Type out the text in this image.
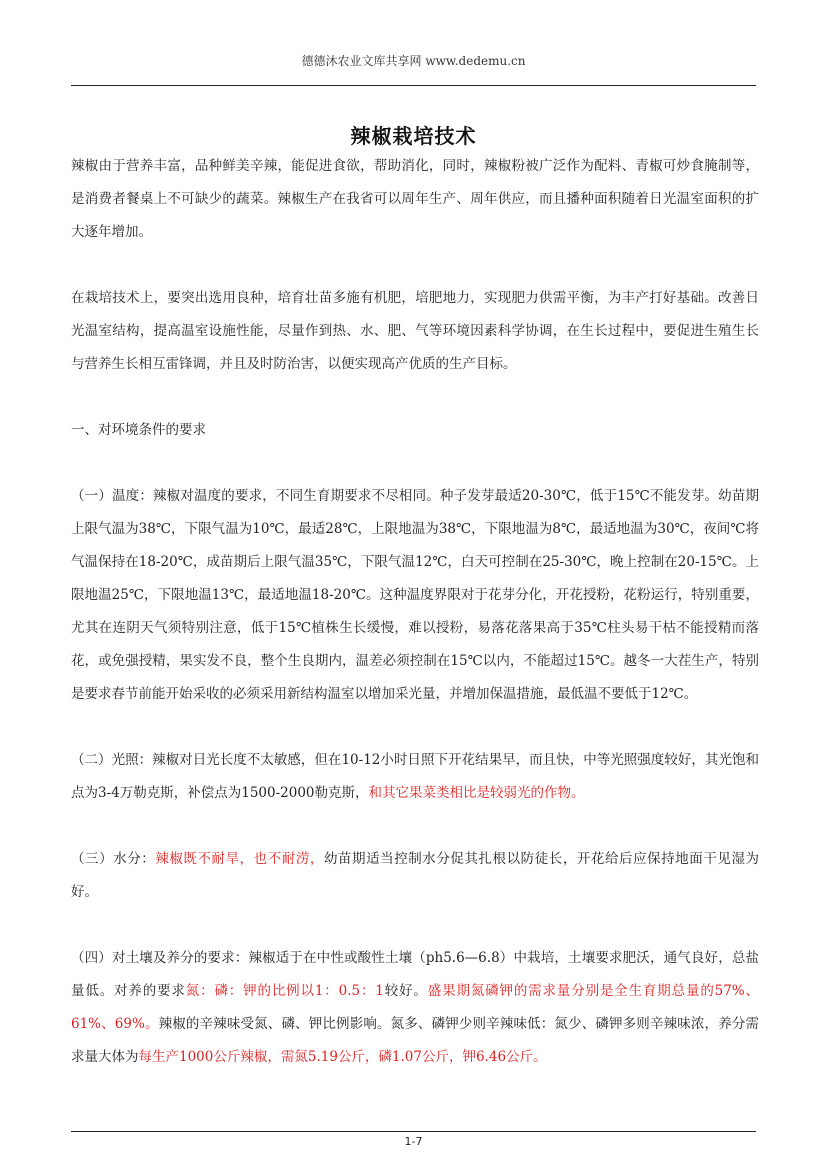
德德沐农业文库共享网 www.dedemu.cn
辣椒栽培技术

辣椒由于营养丰富，品种鲜美辛辣，能促进食欲，帮助消化，同时，辣椒粉被广泛作为配料、青椒可炒食腌制等，是消费者餐桌上不可缺少的蔬菜。辣椒生产在我省可以周年生产、周年供应，而且播种面积随着日光温室面积的扩大逐年增加。

在栽培技术上，要突出选用良种，培育壮苗多施有机肥，培肥地力，实现肥力供需平衡，为丰产打好基础。改善日光温室结构，提高温室设施性能，尽量作到热、水、肥、气等环境因素科学协调，在生长过程中，要促进生殖生长与营养生长相互雷锋调，并且及时防治害，以便实现高产优质的生产目标。

一、对环境条件的要求

（一）温度：辣椒对温度的要求，不同生育期要求不尽相同。种子发芽最适20-30℃，低于15℃不能发芽。幼苗期上限气温为38℃，下限气温为10℃，最适28℃，上限地温为38℃，下限地温为8℃，最适地温为30℃，夜间℃将气温保持在18-20℃，成苗期后上限气温35℃，下限气温12℃，白天可控制在25-30℃，晚上控制在20-15℃。上限地温25℃，下限地温13℃，最适地温18-20℃。这种温度界限对于花芽分化，开花授粉，花粉运行，特别重要，尤其在连阴天气须特别注意，低于15℃植株生长缓慢，难以授粉，易落花落果高于35℃柱头易干枯不能授精而落花，或免强授精，果实发不良，整个生良期内，温差必须控制在15℃以内，不能超过15℃。越冬一大茬生产，特别是要求春节前能开始采收的必须采用新结构温室以增加采光量，并增加保温措施，最低温不要低于12℃。

（二）光照：辣椒对日光长度不太敏感，但在10-12小时日照下开花结果早，而且快，中等光照强度较好，其光饱和点为3-4万勒克斯，补偿点为1500-2000勒克斯，和其它果菜类相比是较弱光的作物。

（三）水分：辣椒既不耐旱，也不耐涝，幼苗期适当控制水分促其扎根以防徒长，开花给后应保持地面干见湿为好。

（四）对土壤及养分的要求：辣椒适于在中性或酸性土壤（ph5.6—6.8）中栽培，土壤要求肥沃，通气良好，总盐量低。对养的要求氮：磷：钾的比例以1：0.5：1较好。盛果期氮磷钾的需求量分别是全生育期总量的57%、61%、69%。辣椒的辛辣味受氮、磷、钾比例影响。氮多、磷钾少则辛辣味低：氮少、磷钾多则辛辣味浓，养分需求量大体为每生产1000公斤辣椒，需氮5.19公斤，磷1.07公斤，钾6.46公斤。

1-7
